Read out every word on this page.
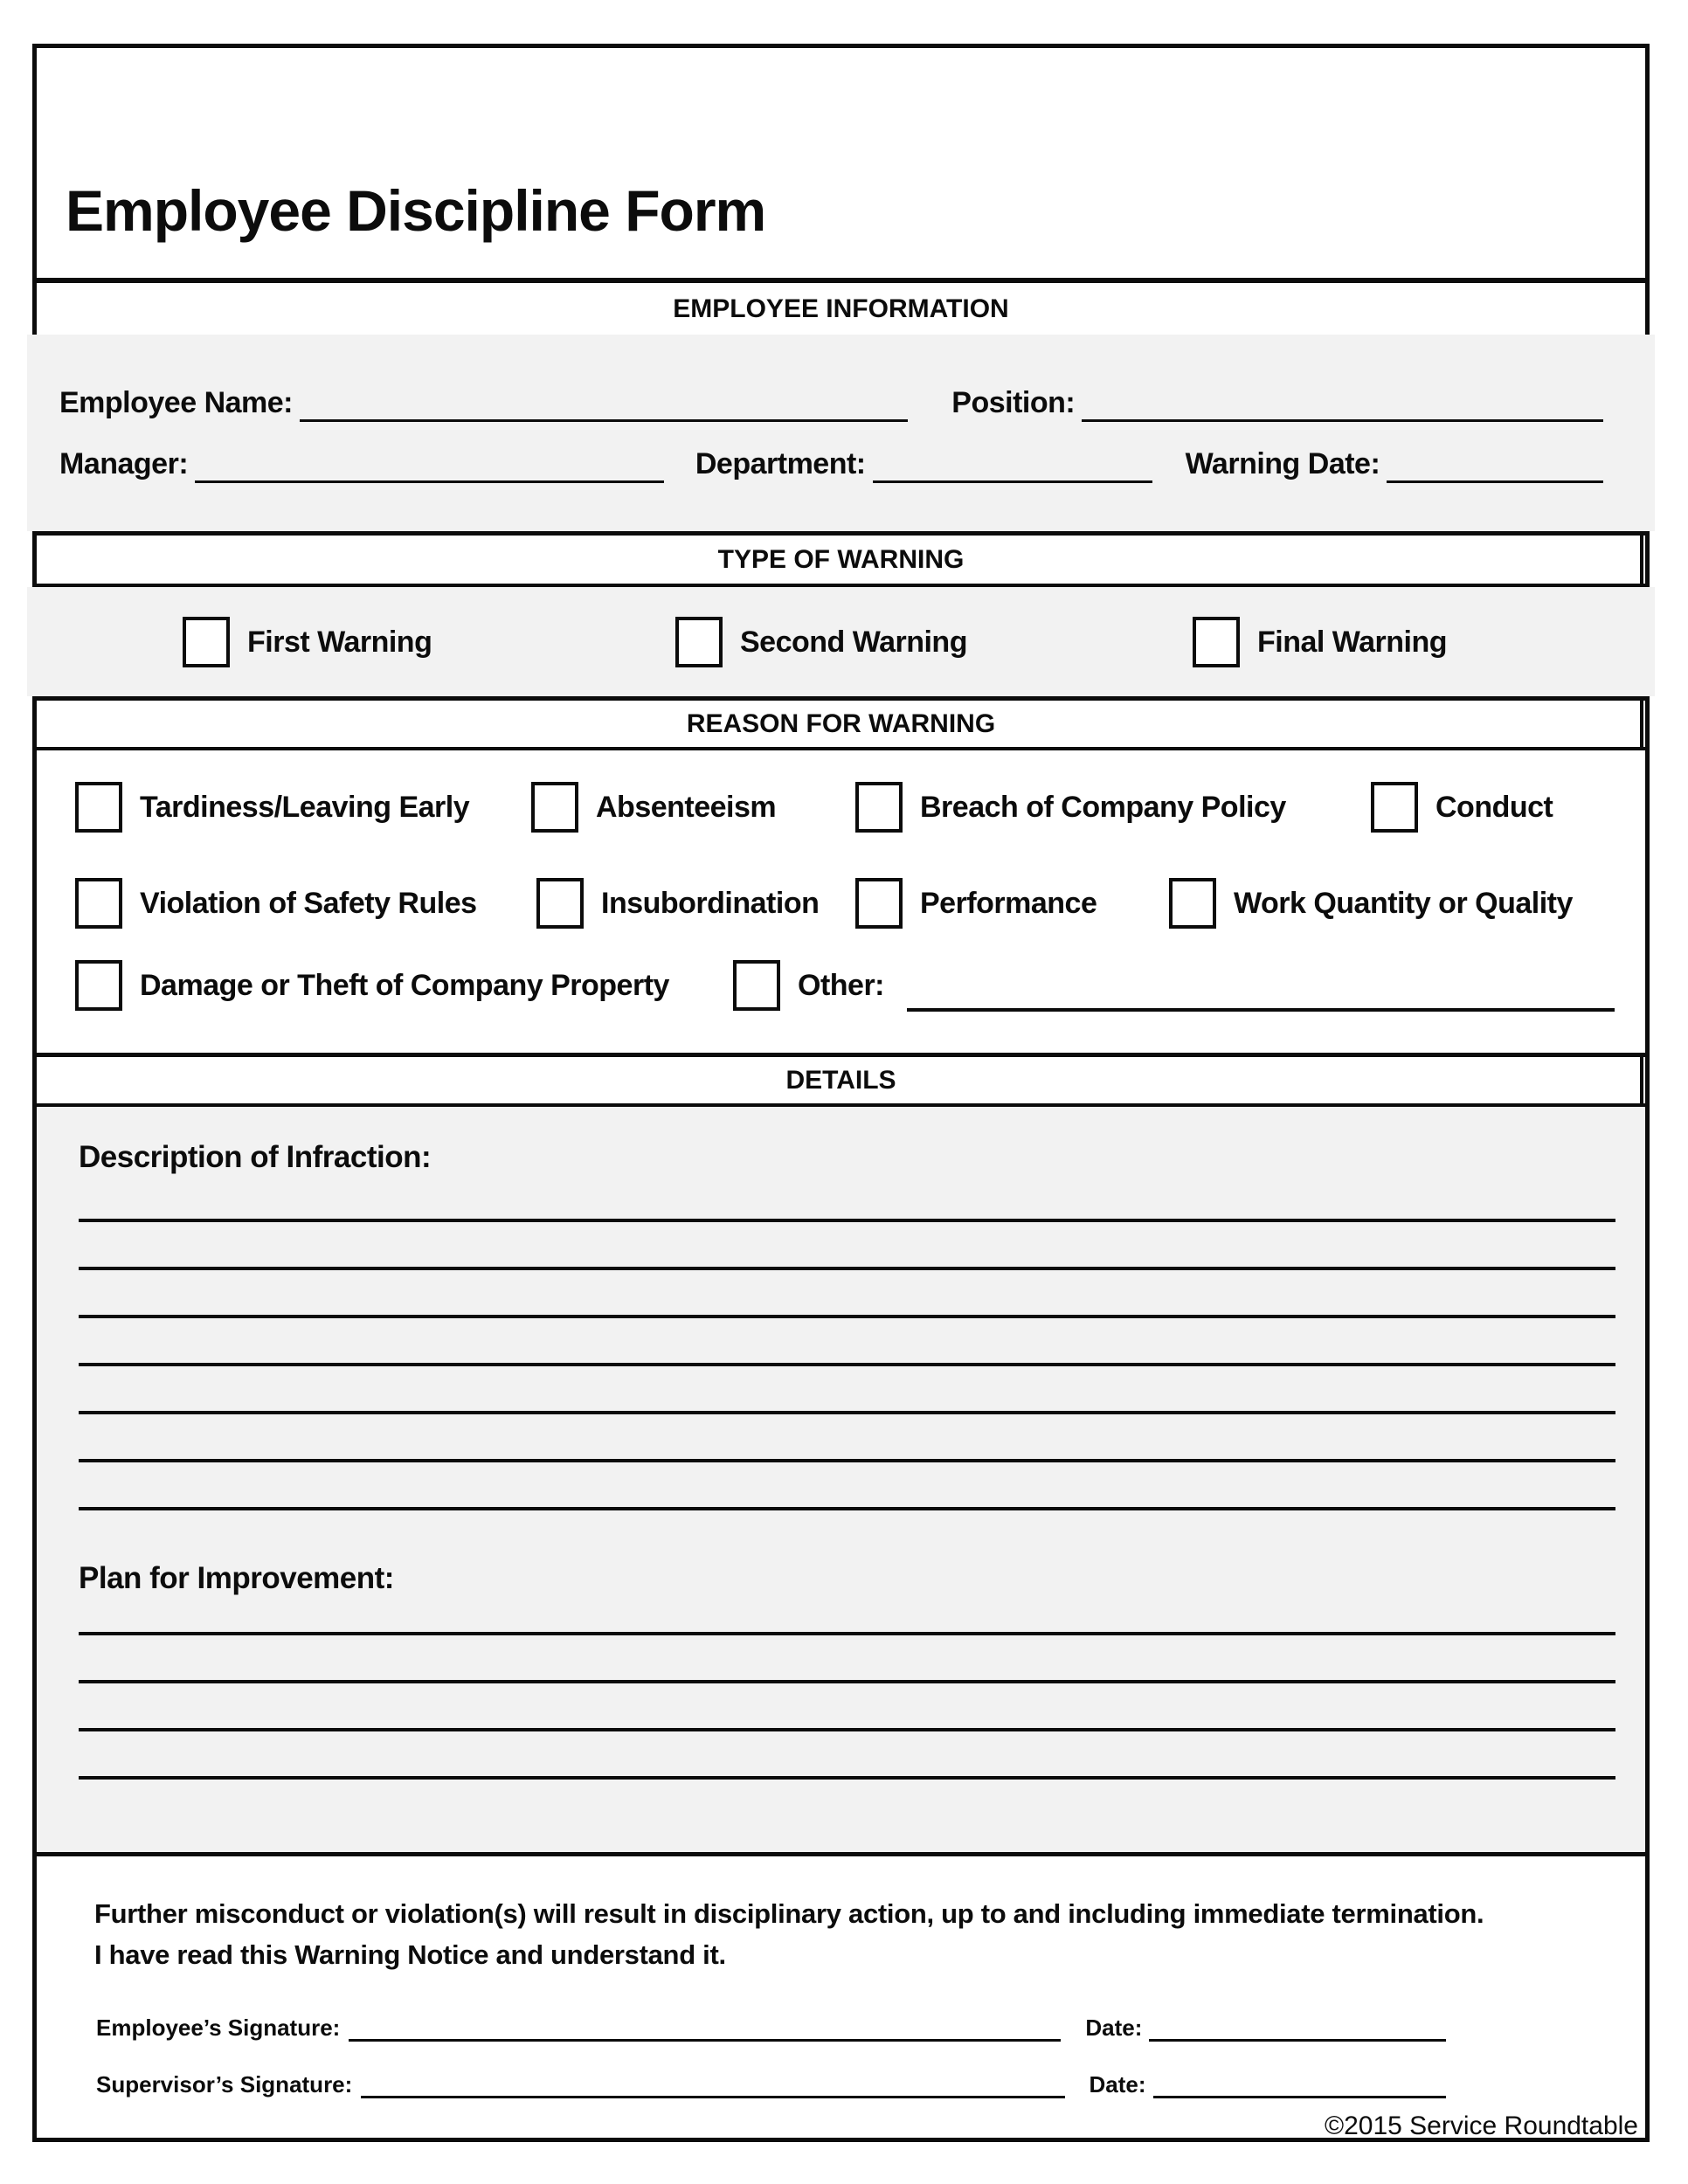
Employee Discipline Form
EMPLOYEE INFORMATION
Employee Name:	Position:
Manager:	Department:	Warning Date:
TYPE OF WARNING
First Warning	Second Warning	Final Warning
REASON FOR WARNING
Tardiness/Leaving Early	Absenteeism	Breach of Company Policy	Conduct
Violation of Safety Rules	Insubordination	Performance	Work Quantity or Quality
Damage or Theft of Company Property	Other:
DETAILS
Description of Infraction:
Plan for Improvement:
Further misconduct or violation(s) will result in disciplinary action, up to and including immediate termination. I have read this Warning Notice and understand it.
Employee’s Signature:	Date:
Supervisor’s Signature:	Date:
©2015 Service Roundtable
